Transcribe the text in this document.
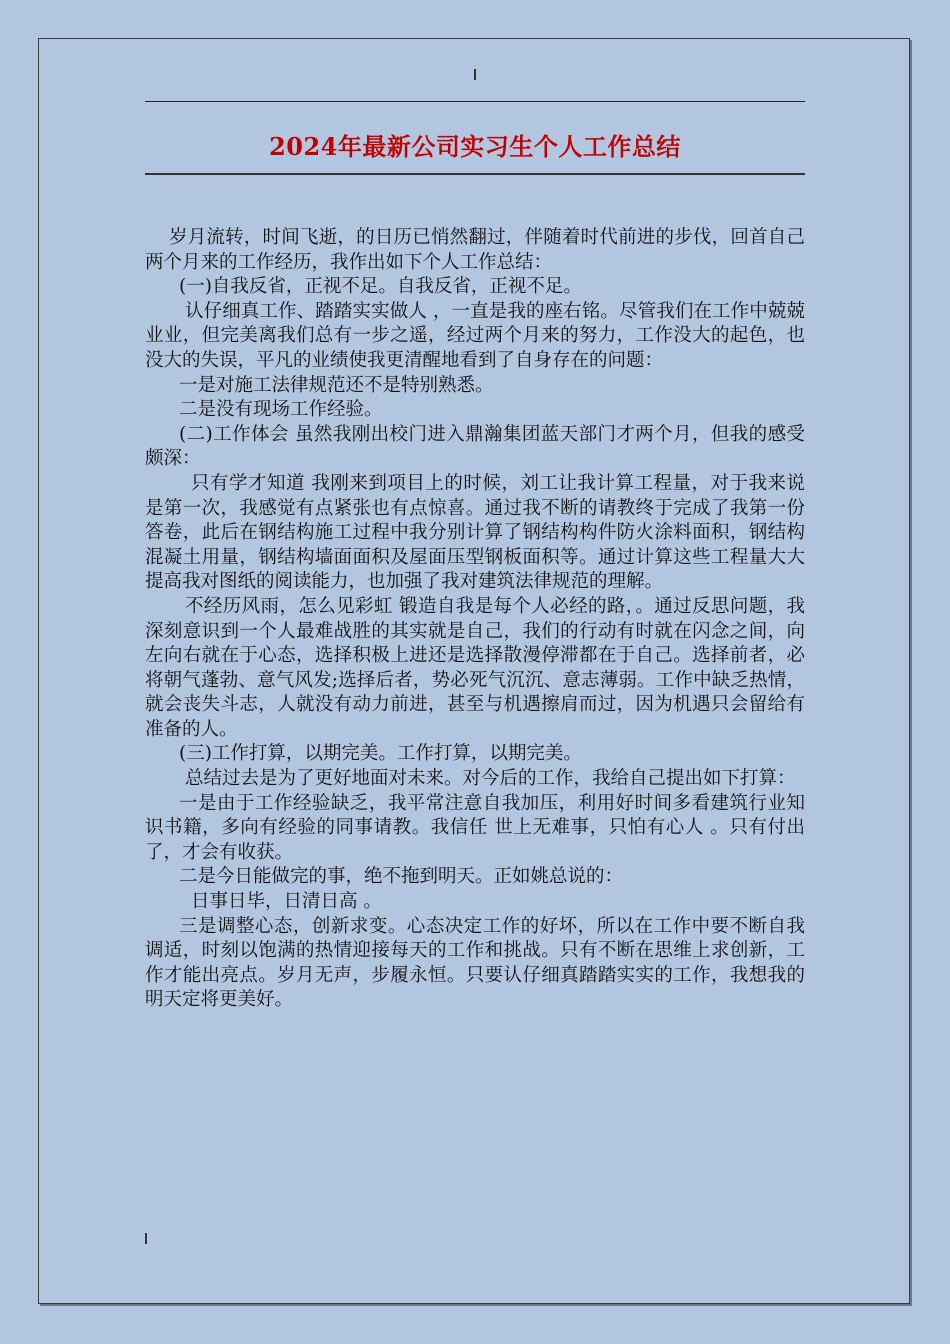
2024年最新公司实习生个人工作总结

岁月流转，时间飞逝，的日历已悄然翻过，伴随着时代前进的步伐，回首自己两个月来的工作经历，我作出如下个人工作总结：

(一)自我反省，正视不足。自我反省，正视不足。

认仔细真工作、踏踏实实做人 ，一直是我的座右铭。尽管我们在工作中兢兢业业，但完美离我们总有一步之遥，经过两个月来的努力，工作没大的起色，也没大的失误，平凡的业绩使我更清醒地看到了自身存在的问题：

一是对施工法律规范还不是特别熟悉。

二是没有现场工作经验。

(二)工作体会 虽然我刚出校门进入鼎瀚集团蓝天部门才两个月，但我的感受颇深：

只有学才知道 我刚来到项目上的时候，刘工让我计算工程量，对于我来说是第一次，我感觉有点紧张也有点惊喜。通过我不断的请教终于完成了我第一份答卷，此后在钢结构施工过程中我分别计算了钢结构构件防火涂料面积，钢结构混凝土用量，钢结构墙面面积及屋面压型钢板面积等。通过计算这些工程量大大提高我对图纸的阅读能力，也加强了我对建筑法律规范的理解。

不经历风雨，怎么见彩虹 锻造自我是每个人必经的路，。通过反思问题，我深刻意识到一个人最难战胜的其实就是自己，我们的行动有时就在闪念之间，向左向右就在于心态，选择积极上进还是选择散漫停滞都在于自己。选择前者，必将朝气蓬勃、意气风发;选择后者，势必死气沉沉、意志薄弱。工作中缺乏热情，就会丧失斗志，人就没有动力前进，甚至与机遇擦肩而过，因为机遇只会留给有准备的人。

(三)工作打算，以期完美。工作打算，以期完美。

总结过去是为了更好地面对未来。对今后的工作，我给自己提出如下打算：

一是由于工作经验缺乏，我平常注意自我加压，利用好时间多看建筑行业知识书籍，多向有经验的同事请教。我信任 世上无难事，只怕有心人 。只有付出了，才会有收获。

二是今日能做完的事，绝不拖到明天。正如姚总说的：

日事日毕，日清日高 。

三是调整心态，创新求变。心态决定工作的好坏，所以在工作中要不断自我调适，时刻以饱满的热情迎接每天的工作和挑战。只有不断在思维上求创新，工作才能出亮点。岁月无声，步履永恒。只要认仔细真踏踏实实的工作，我想我的明天定将更美好。
